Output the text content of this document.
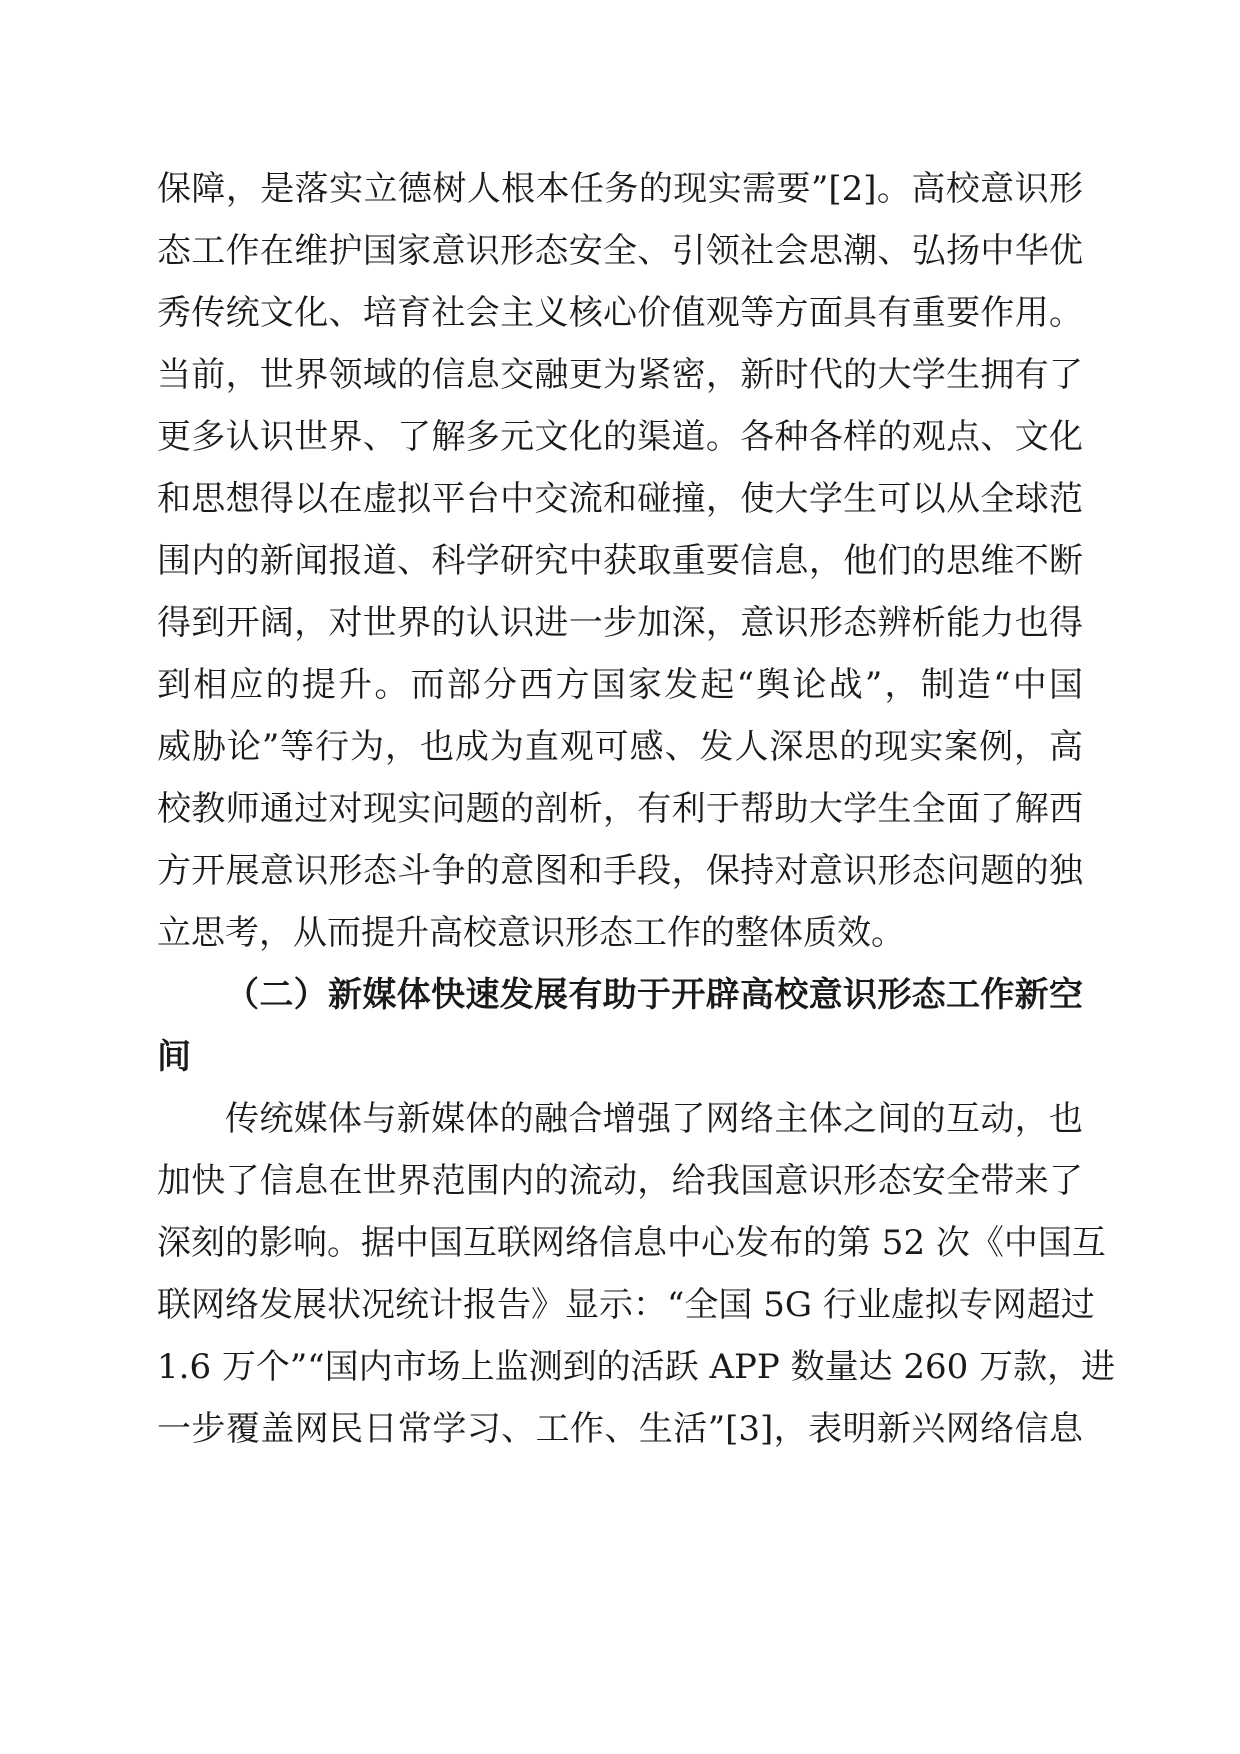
保障，是落实立德树人根本任务的现实需要”[2]。高校意识形
态工作在维护国家意识形态安全、引领社会思潮、弘扬中华优
秀传统文化、培育社会主义核心价值观等方面具有重要作用。
当前，世界领域的信息交融更为紧密，新时代的大学生拥有了
更多认识世界、了解多元文化的渠道。各种各样的观点、文化
和思想得以在虚拟平台中交流和碰撞，使大学生可以从全球范
围内的新闻报道、科学研究中获取重要信息，他们的思维不断
得到开阔，对世界的认识进一步加深，意识形态辨析能力也得
到相应的提升。而部分西方国家发起“舆论战”，制造“中国
威胁论”等行为，也成为直观可感、发人深思的现实案例，高
校教师通过对现实问题的剖析，有利于帮助大学生全面了解西
方开展意识形态斗争的意图和手段，保持对意识形态问题的独
立思考，从而提升高校意识形态工作的整体质效。
（二）新媒体快速发展有助于开辟高校意识形态工作新空
间
传统媒体与新媒体的融合增强了网络主体之间的互动，也
加快了信息在世界范围内的流动，给我国意识形态安全带来了
深刻的影响。据中国互联网络信息中心发布的第 52 次《中国互
联网络发展状况统计报告》显示：“全国 5G 行业虚拟专网超过
1.6 万个”“国内市场上监测到的活跃 APP 数量达 260 万款，进
一步覆盖网民日常学习、工作、生活”[3]，表明新兴网络信息
